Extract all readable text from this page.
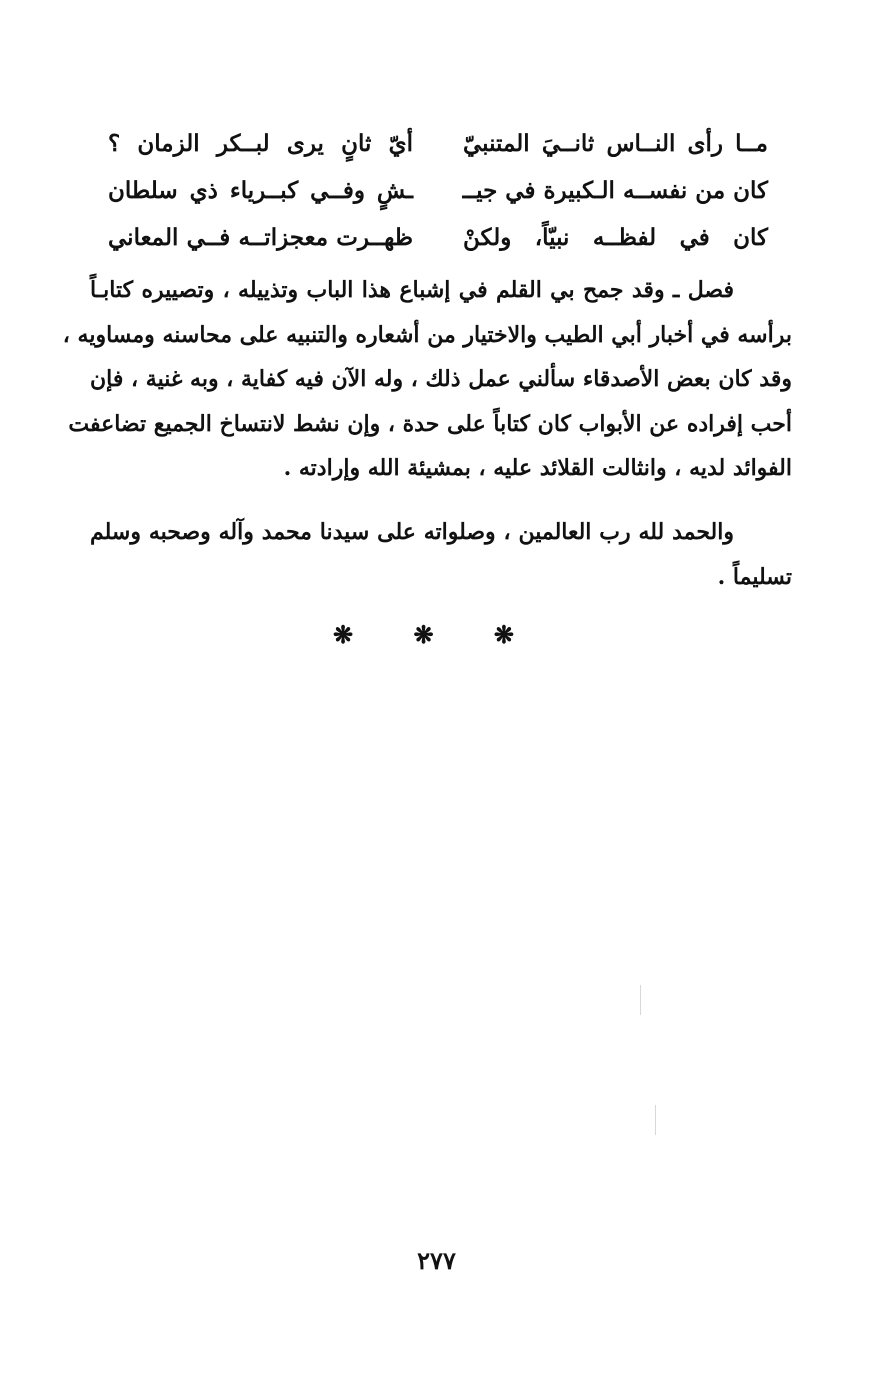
مــا رأى النــاس ثانــيَ المتنبيّ
أيّ ثانٍ يرى لبــكر الزمان ؟
كان من نفســه الـكبيرة في جيــ
ـشٍ وفــي كبــرياء ذي سلطان
كان في لفظــه نبيّاً، ولكنْ
ظهــرت معجزاتــه فــي المعاني
فصل ـ وقد جمح بي القلم في إشباع هذا الباب وتذييله ، وتصييره كتابـاً
برأسه في أخبار أبي الطيب والاختيار من أشعاره والتنبيه على محاسنه ومساويه ،
وقد كان بعض الأصدقاء سألني عمل ذلك ، وله الآن فيه كفاية ، وبه غنية ، فإن
أحب إفراده عن الأبواب كان كتاباً على حدة ، وإن نشط لانتساخ الجميع تضاعفت
الفوائد لديه ، وانثالت القلائد عليه ، بمشيئة الله وإرادته .
والحمد لله رب العالمين ، وصلواته على سيدنا محمد وآله وصحبه وسلم
تسليماً .
❋ ❋ ❋
٢٧٧
